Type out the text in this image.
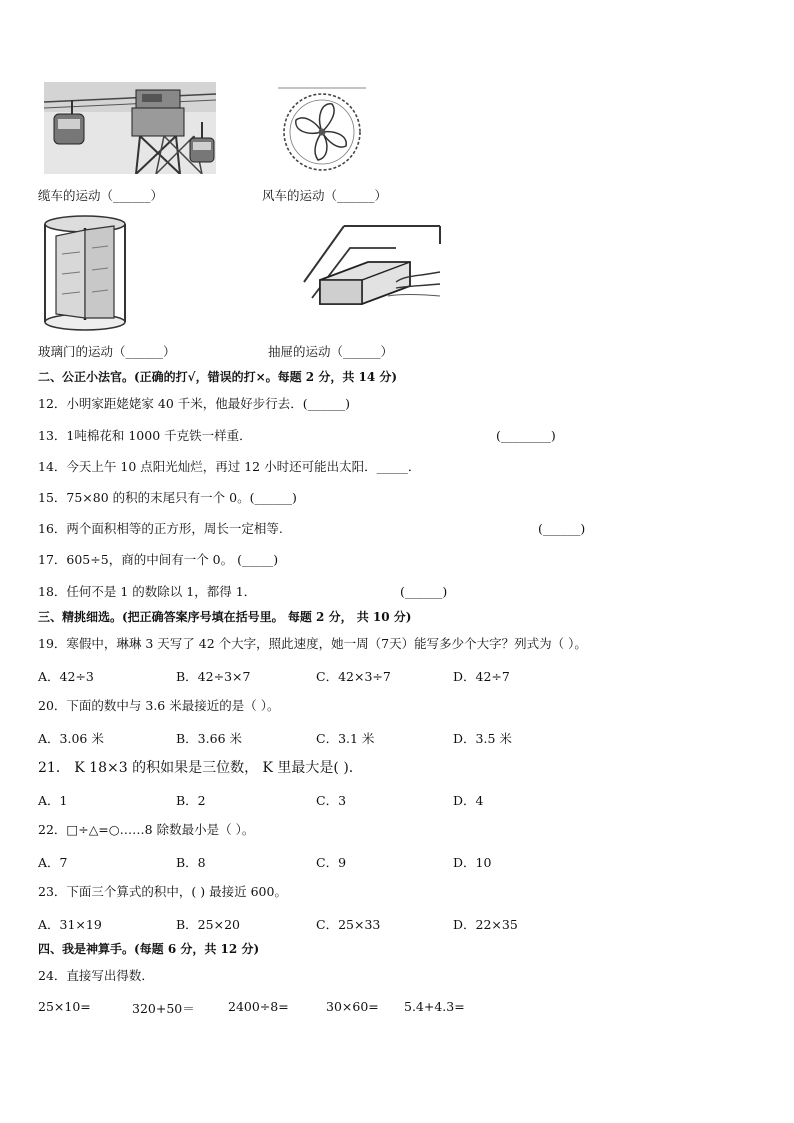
缆车的运动（______）	风车的运动（______）
玻璃门的运动（______）	抽屉的运动（______）
二、公正小法官。(正确的打√，错误的打×。每题 2 分，共 14 分)
12．小明家距姥姥家 40 千米，他最好步行去．(______)
13．1吨棉花和 1000 千克铁一样重．	(________)
14．今天上午 10 点阳光灿烂，再过 12 小时还可能出太阳．_____．
15．75×80 的积的末尾只有一个 0。(______)
16．两个面积相等的正方形，周长一定相等.	(______)
17．605÷5，商的中间有一个 0。 (_____)
18．任何不是 1 的数除以 1，都得 1．	(______)
三、精挑细选。(把正确答案序号填在括号里。 每题 2 分， 共 10 分)
19．寒假中，琳琳 3 天写了 42 个大字，照此速度，她一周（7天）能写多少个大字？列式为（ ）。
A．42÷3	B．42÷3×7	C．42×3÷7	D．42÷7
20．下面的数中与 3.6 米最接近的是（ ）。
A．3.06 米	B．3.66 米	C．3.1 米	D．3.5 米
21． K 18×3 的积如果是三位数， K 里最大是( ).
A．1	B．2	C．3	D．4
22．□÷△=○……8 除数最小是（ ）。
A．7	B．8	C．9	D．10
23．下面三个算式的积中，( ) 最接近 600。
A．31×19	B．25×20	C．25×33	D．22×35
四、我是神算手。(每题 6 分，共 12 分)
24．直接写出得数．
25×10=	320+50＝	2400÷8=	30×60= 5.4+4.3=
